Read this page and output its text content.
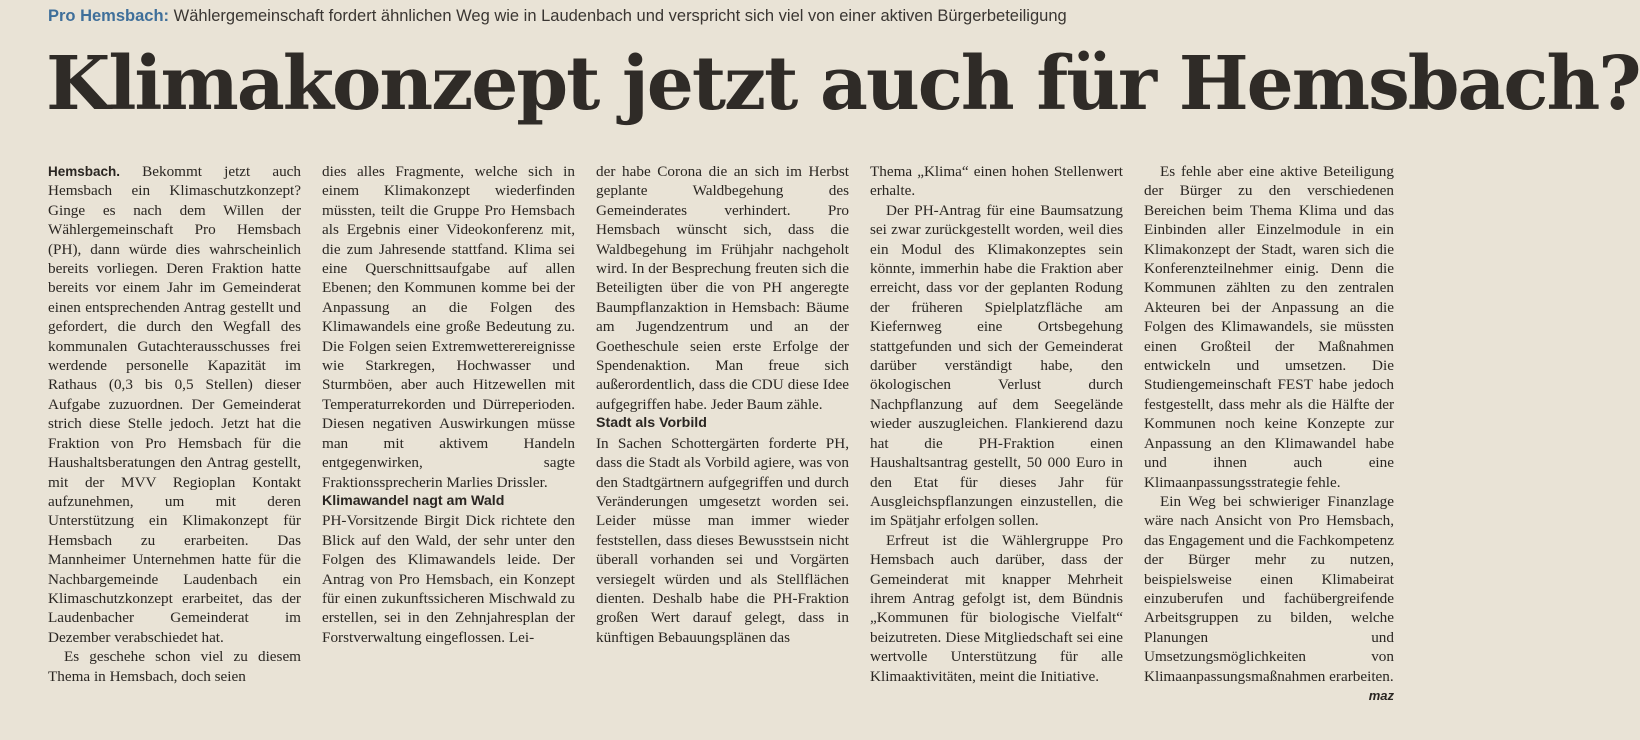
Pro Hemsbach: Wählergemeinschaft fordert ähnlichen Weg wie in Laudenbach und verspricht sich viel von einer aktiven Bürgerbeteiligung
Klimakonzept jetzt auch für Hemsbach?

Hemsbach. Bekommt jetzt auch Hemsbach ein Klimaschutzkonzept? Ginge es nach dem Willen der Wählergemeinschaft Pro Hemsbach (PH), dann würde dies wahrscheinlich bereits vorliegen. Deren Fraktion hatte bereits vor einem Jahr im Gemeinderat einen entsprechenden Antrag gestellt und gefordert, die durch den Wegfall des kommunalen Gutachterausschusses frei werdende personelle Kapazität im Rathaus (0,3 bis 0,5 Stellen) dieser Aufgabe zuzuordnen. Der Gemeinderat strich diese Stelle jedoch. Jetzt hat die Fraktion von Pro Hemsbach für die Haushaltsberatungen den Antrag gestellt, mit der MVV Regioplan Kontakt aufzunehmen, um mit deren Unterstützung ein Klimakonzept für Hemsbach zu erarbeiten. Das Mannheimer Unternehmen hatte für die Nachbargemeinde Laudenbach ein Klimaschutzkonzept erarbeitet, das der Laudenbacher Gemeinderat im Dezember verabschiedet hat.

Es geschehe schon viel zu diesem Thema in Hemsbach, doch seien

dies alles Fragmente, welche sich in einem Klimakonzept wiederfinden müssten, teilt die Gruppe Pro Hemsbach als Ergebnis einer Videokonferenz mit, die zum Jahresende stattfand. Klima sei eine Querschnittsaufgabe auf allen Ebenen; den Kommunen komme bei der Anpassung an die Folgen des Klimawandels eine große Bedeutung zu. Die Folgen seien Extremwetterereignisse wie Starkregen, Hochwasser und Sturmböen, aber auch Hitzewellen mit Temperaturrekorden und Dürreperioden. Diesen negativen Auswirkungen müsse man mit aktivem Handeln entgegenwirken, sagte Fraktionssprecherin Marlies Drissler.

Klimawandel nagt am Wald

PH-Vorsitzende Birgit Dick richtete den Blick auf den Wald, der sehr unter den Folgen des Klimawandels leide. Der Antrag von Pro Hemsbach, ein Konzept für einen zukunftssicheren Mischwald zu erstellen, sei in den Zehnjahresplan der Forstverwaltung eingeflossen. Lei-

der habe Corona die an sich im Herbst geplante Waldbegehung des Gemeinderates verhindert. Pro Hemsbach wünscht sich, dass die Waldbegehung im Frühjahr nachgeholt wird. In der Besprechung freuten sich die Beteiligten über die von PH angeregte Baumpflanzaktion in Hemsbach: Bäume am Jugendzentrum und an der Goetheschule seien erste Erfolge der Spendenaktion. Man freue sich außerordentlich, dass die CDU diese Idee aufgegriffen habe. Jeder Baum zähle.

Stadt als Vorbild

In Sachen Schottergärten forderte PH, dass die Stadt als Vorbild agiere, was von den Stadtgärtnern aufgegriffen und durch Veränderungen umgesetzt worden sei. Leider müsse man immer wieder feststellen, dass dieses Bewusstsein nicht überall vorhanden sei und Vorgärten versiegelt würden und als Stellflächen dienten. Deshalb habe die PH-Fraktion großen Wert darauf gelegt, dass in künftigen Bebauungsplänen das

Thema „Klima“ einen hohen Stellenwert erhalte.

Der PH-Antrag für eine Baumsatzung sei zwar zurückgestellt worden, weil dies ein Modul des Klimakonzeptes sein könnte, immerhin habe die Fraktion aber erreicht, dass vor der geplanten Rodung der früheren Spielplatzfläche am Kiefernweg eine Ortsbegehung stattgefunden und sich der Gemeinderat darüber verständigt habe, den ökologischen Verlust durch Nachpflanzung auf dem Seegelände wieder auszugleichen. Flankierend dazu hat die PH-Fraktion einen Haushaltsantrag gestellt, 50 000 Euro in den Etat für dieses Jahr für Ausgleichspflanzungen einzustellen, die im Spätjahr erfolgen sollen.

Erfreut ist die Wählergruppe Pro Hemsbach auch darüber, dass der Gemeinderat mit knapper Mehrheit ihrem Antrag gefolgt ist, dem Bündnis „Kommunen für biologische Vielfalt“ beizutreten. Diese Mitgliedschaft sei eine wertvolle Unterstützung für alle Klimaaktivitäten, meint die Initiative.

Es fehle aber eine aktive Beteiligung der Bürger zu den verschiedenen Bereichen beim Thema Klima und das Einbinden aller Einzelmodule in ein Klimakonzept der Stadt, waren sich die Konferenzteilnehmer einig. Denn die Kommunen zählten zu den zentralen Akteuren bei der Anpassung an die Folgen des Klimawandels, sie müssten einen Großteil der Maßnahmen entwickeln und umsetzen. Die Studiengemeinschaft FEST habe jedoch festgestellt, dass mehr als die Hälfte der Kommunen noch keine Konzepte zur Anpassung an den Klimawandel habe und ihnen auch eine Klimaanpassungsstrategie fehle.

Ein Weg bei schwieriger Finanzlage wäre nach Ansicht von Pro Hemsbach, das Engagement und die Fachkompetenz der Bürger mehr zu nutzen, beispielsweise einen Klimabeirat einzuberufen und fachübergreifende Arbeitsgruppen zu bilden, welche Planungen und Umsetzungsmöglichkeiten von Klimaanpassungsmaßnahmen erarbeiten.
maz
